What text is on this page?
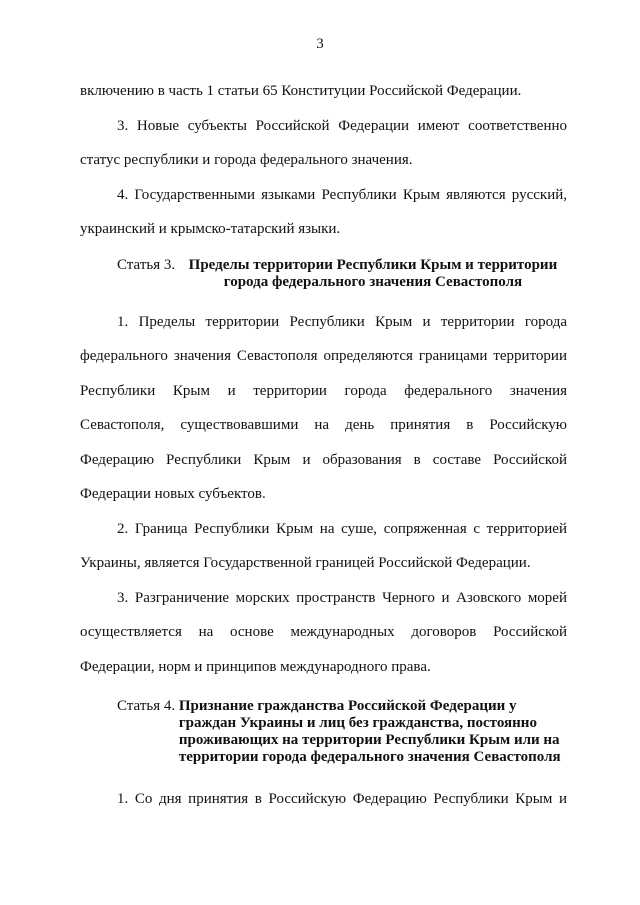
3

включению в часть 1 статьи 65 Конституции Российской Федерации.

3. Новые субъекты Российской Федерации имеют соответственно статус республики и города федерального значения.

4. Государственными языками Республики Крым являются русский, украинский и крымско-татарский языки.

Статья 3. Пределы территории Республики Крым и территории города федерального значения Севастополя

1. Пределы территории Республики Крым и территории города федерального значения Севастополя определяются границами территории Республики Крым и территории города федерального значения Севастополя, существовавшими на день принятия в Российскую Федерацию Республики Крым и образования в составе Российской Федерации новых субъектов.

2. Граница Республики Крым на суше, сопряженная с территорией Украины, является Государственной границей Российской Федерации.

3. Разграничение морских пространств Черного и Азовского морей осуществляется на основе международных договоров Российской Федерации, норм и принципов международного права.

Статья 4. Признание гражданства Российской Федерации у граждан Украины и лиц без гражданства, постоянно проживающих на территории Республики Крым или на территории города федерального значения Севастополя

1. Со дня принятия в Российскую Федерацию Республики Крым и
